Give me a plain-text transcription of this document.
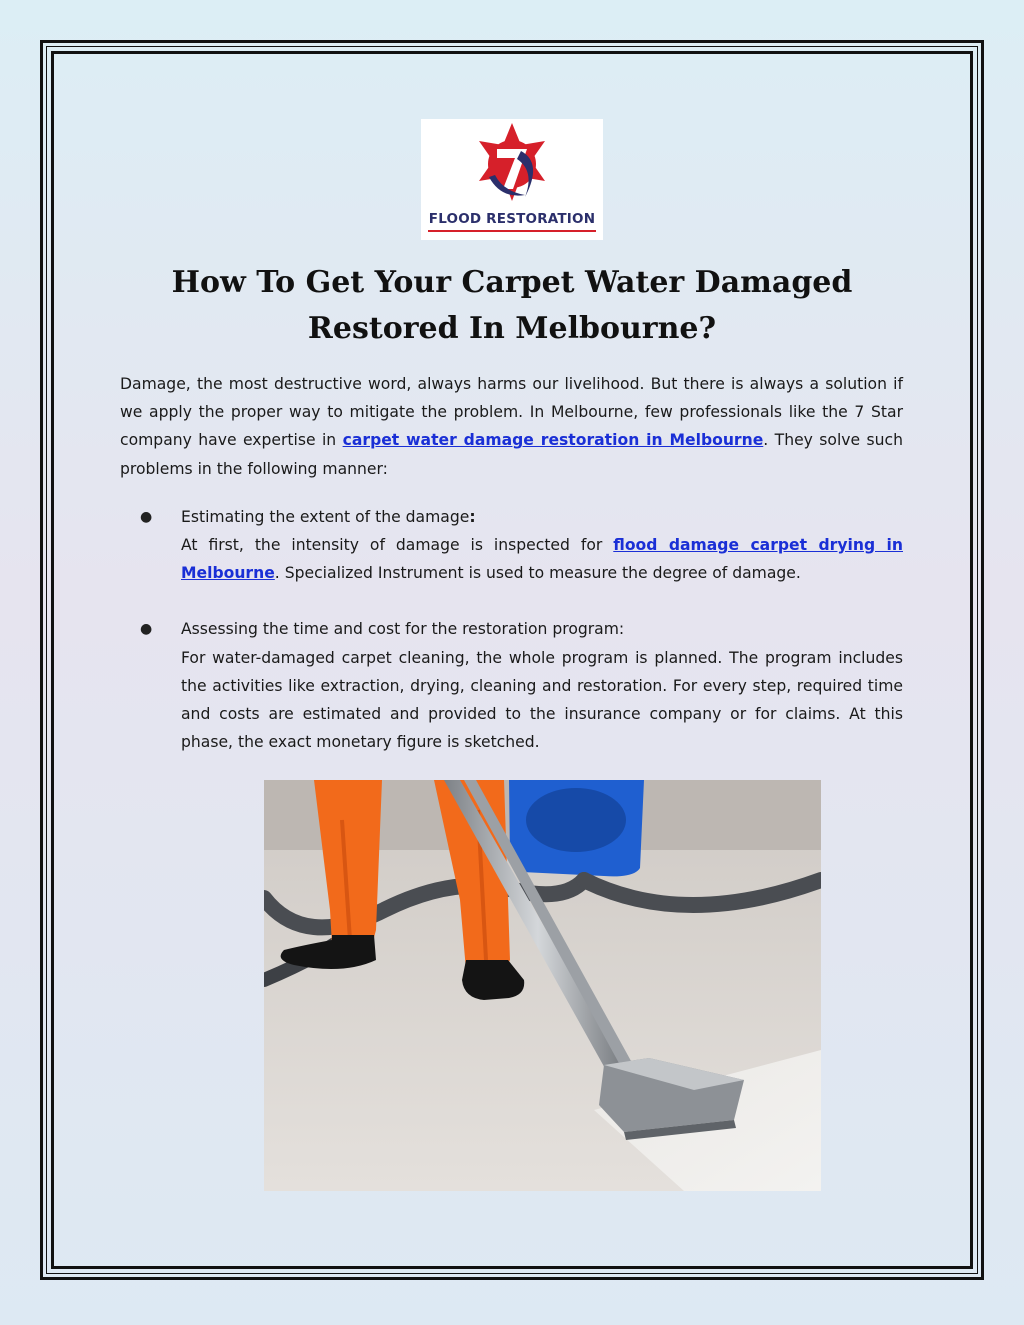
FLOOD RESTORATION
How To Get Your Carpet Water Damaged Restored In Melbourne?

Damage, the most destructive word, always harms our livelihood. But there is always a solution if we apply the proper way to mitigate the problem. In Melbourne, few professionals like the 7 Star company have expertise in carpet water damage restoration in Melbourne. They solve such problems in the following manner:

● Estimating the extent of the damage:
At first, the intensity of damage is inspected for flood damage carpet drying in Melbourne. Specialized Instrument is used to measure the degree of damage.
● Assessing the time and cost for the restoration program:
For water-damaged carpet cleaning, the whole program is planned. The program includes the activities like extraction, drying, cleaning and restoration. For every step, required time and costs are estimated and provided to the insurance company or for claims. At this phase, the exact monetary figure is sketched.
